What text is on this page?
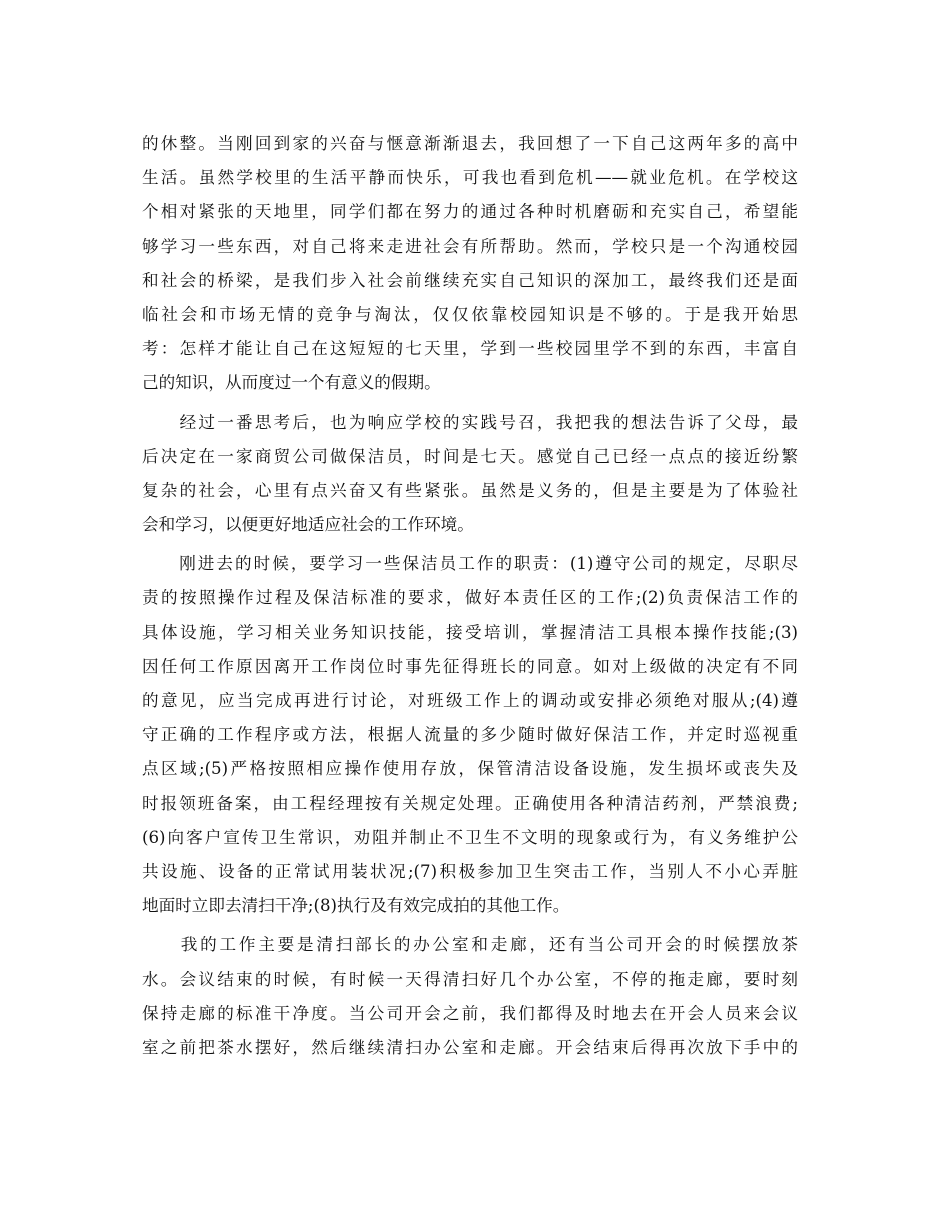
的休整。当刚回到家的兴奋与惬意渐渐退去，我回想了一下自己这两年多的高中
生活。虽然学校里的生活平静而快乐，可我也看到危机——就业危机。在学校这
个相对紧张的天地里，同学们都在努力的通过各种时机磨砺和充实自己，希望能
够学习一些东西，对自己将来走进社会有所帮助。然而，学校只是一个沟通校园
和社会的桥梁，是我们步入社会前继续充实自己知识的深加工，最终我们还是面
临社会和市场无情的竞争与淘汰，仅仅依靠校园知识是不够的。于是我开始思
考：怎样才能让自己在这短短的七天里，学到一些校园里学不到的东西，丰富自
己的知识，从而度过一个有意义的假期。
　　经过一番思考后，也为响应学校的实践号召，我把我的想法告诉了父母，最
后决定在一家商贸公司做保洁员，时间是七天。感觉自己已经一点点的接近纷繁
复杂的社会，心里有点兴奋又有些紧张。虽然是义务的，但是主要是为了体验社
会和学习，以便更好地适应社会的工作环境。
　　刚进去的时候，要学习一些保洁员工作的职责：(1)遵守公司的规定，尽职尽
责的按照操作过程及保洁标准的要求，做好本责任区的工作;(2)负责保洁工作的
具体设施，学习相关业务知识技能，接受培训，掌握清洁工具根本操作技能;(3)
因任何工作原因离开工作岗位时事先征得班长的同意。如对上级做的决定有不同
的意见，应当完成再进行讨论，对班级工作上的调动或安排必须绝对服从;(4)遵
守正确的工作程序或方法，根据人流量的多少随时做好保洁工作，并定时巡视重
点区域;(5)严格按照相应操作使用存放，保管清洁设备设施，发生损坏或丧失及
时报领班备案，由工程经理按有关规定处理。正确使用各种清洁药剂，严禁浪费;
(6)向客户宣传卫生常识，劝阻并制止不卫生不文明的现象或行为，有义务维护公
共设施、设备的正常试用装状况;(7)积极参加卫生突击工作，当别人不小心弄脏
地面时立即去清扫干净;(8)执行及有效完成拍的其他工作。
　　我的工作主要是清扫部长的办公室和走廊，还有当公司开会的时候摆放茶
水。会议结束的时候，有时候一天得清扫好几个办公室，不停的拖走廊，要时刻
保持走廊的标准干净度。当公司开会之前，我们都得及时地去在开会人员来会议
室之前把茶水摆好，然后继续清扫办公室和走廊。开会结束后得再次放下手中的
